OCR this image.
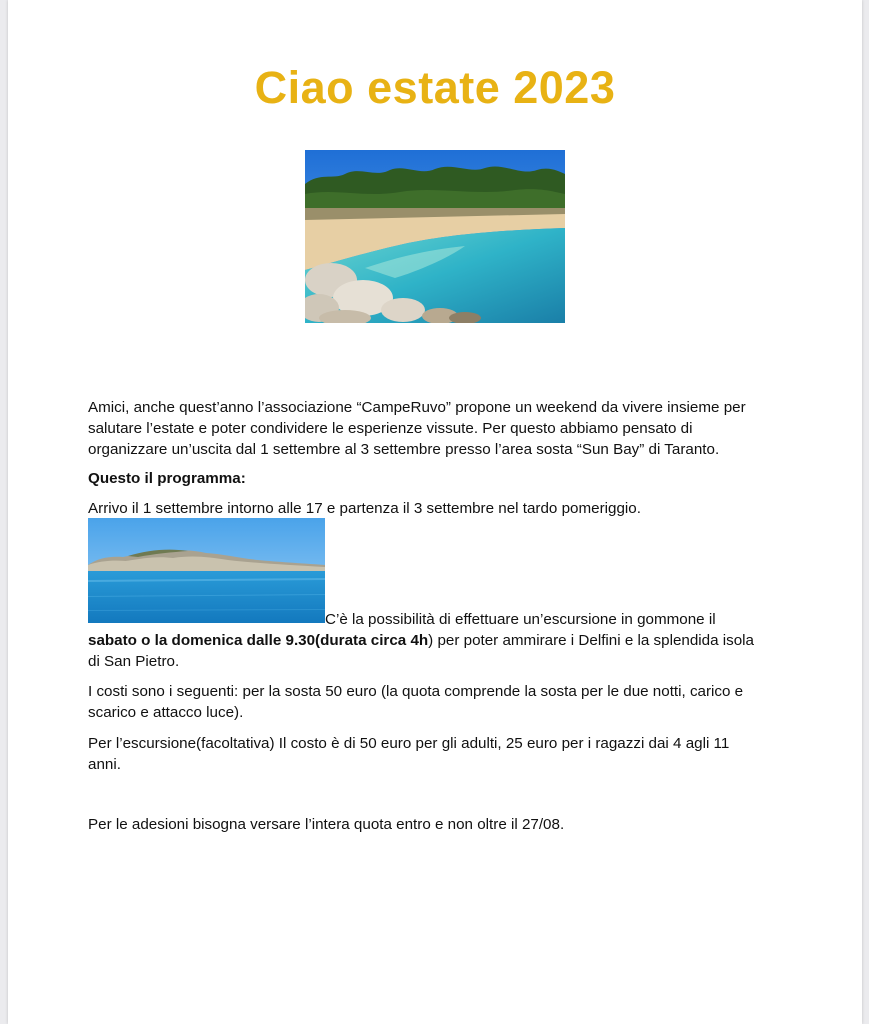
Ciao estate 2023
Amici, anche quest’anno l’associazione “CampeRuvo” propone un weekend da vivere insieme per
salutare l’estate e poter condividere le esperienze vissute. Per questo abbiamo pensato di
organizzare un’uscita dal 1 settembre al 3 settembre presso l’area sosta “Sun Bay” di Taranto.
Questo il programma:
Arrivo il 1 settembre intorno alle 17 e partenza il 3 settembre nel tardo pomeriggio.
C’è la possibilità di effettuare un’escursione in gommone il
sabato o la domenica dalle 9.30(durata circa 4h) per poter ammirare i Delfini e la splendida isola
di San Pietro.
I costi sono i seguenti: per la sosta 50 euro (la quota comprende la sosta per le due notti, carico e
scarico e attacco luce).
Per l’escursione(facoltativa) Il costo è di 50 euro per gli adulti, 25 euro per i ragazzi dai 4 agli 11
anni.
Per le adesioni bisogna versare l’intera quota entro e non oltre il 27/08.
